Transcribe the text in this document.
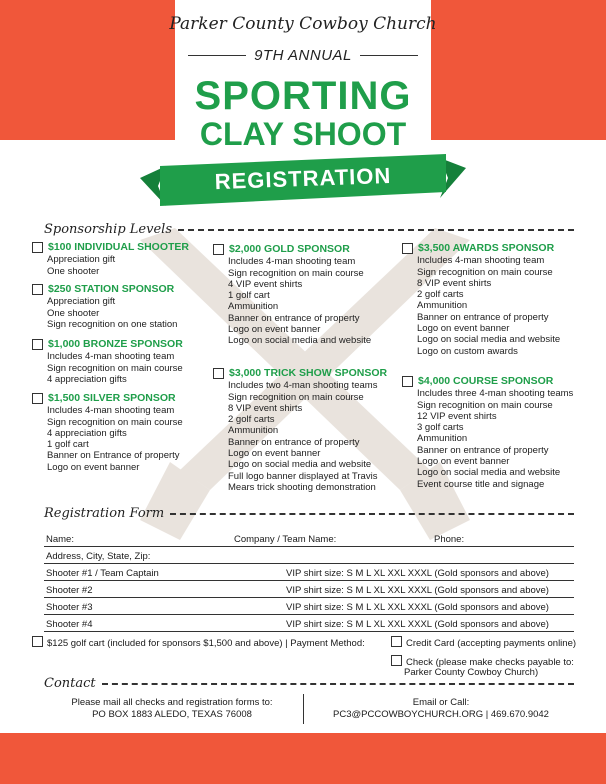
Parker County Cowboy Church
9TH ANNUAL
SPORTING
CLAY SHOOT
REGISTRATION
Sponsorship Levels
$100 INDIVIDUAL SHOOTER
Appreciation gift
One shooter
$250 STATION SPONSOR
Appreciation gift
One shooter
Sign recognition on one station
$1,000 BRONZE SPONSOR
Includes 4-man shooting team
Sign recognition on main course
4 appreciation gifts
$1,500 SILVER SPONSOR
Includes 4-man shooting team
Sign recognition on main course
4 appreciation gifts
1 golf cart
Banner on Entrance of property
Logo on event banner
$2,000 GOLD SPONSOR
Includes 4-man shooting team
Sign recognition on main course
4 VIP event shirts
1 golf cart
Ammunition
Banner on entrance of property
Logo on event banner
Logo on social media and website
$3,000 TRICK SHOW SPONSOR
Includes two 4-man shooting teams
Sign recognition on main course
8 VIP event shirts
2 golf carts
Ammunition
Banner on entrance of property
Logo on event banner
Logo on social media and website
Full logo banner displayed at Travis
Mears trick shooting demonstration
$3,500 AWARDS SPONSOR
Includes 4-man shooting team
Sign recognition on main course
8 VIP event shirts
2 golf carts
Ammunition
Banner on entrance of property
Logo on event banner
Logo on social media and website
Logo on custom awards
$4,000 COURSE SPONSOR
Includes three 4-man shooting teams
Sign recognition on main course
12 VIP event shirts
3 golf carts
Ammunition
Banner on entrance of property
Logo on event banner
Logo on social media and website
Event course title and signage
Registration Form
Name:	Company / Team Name:	Phone:
Address, City, State, Zip:
Shooter #1 / Team Captain	VIP shirt size: S M L XL XXL XXXL (Gold sponsors and above)
Shooter #2	VIP shirt size: S M L XL XXL XXXL (Gold sponsors and above)
Shooter #3	VIP shirt size: S M L XL XXL XXXL (Gold sponsors and above)
Shooter #4	VIP shirt size: S M L XL XXL XXXL (Gold sponsors and above)
$125 golf cart (included for sponsors $1,500 and above) | Payment Method:	Credit Card (accepting payments online)
Check (please make checks payable to:
Parker County Cowboy Church)
Contact
Please mail all checks and registration forms to:
PO BOX 1883 ALEDO, TEXAS 76008
Email or Call:
PC3@PCCOWBOYCHURCH.ORG | 469.670.9042
